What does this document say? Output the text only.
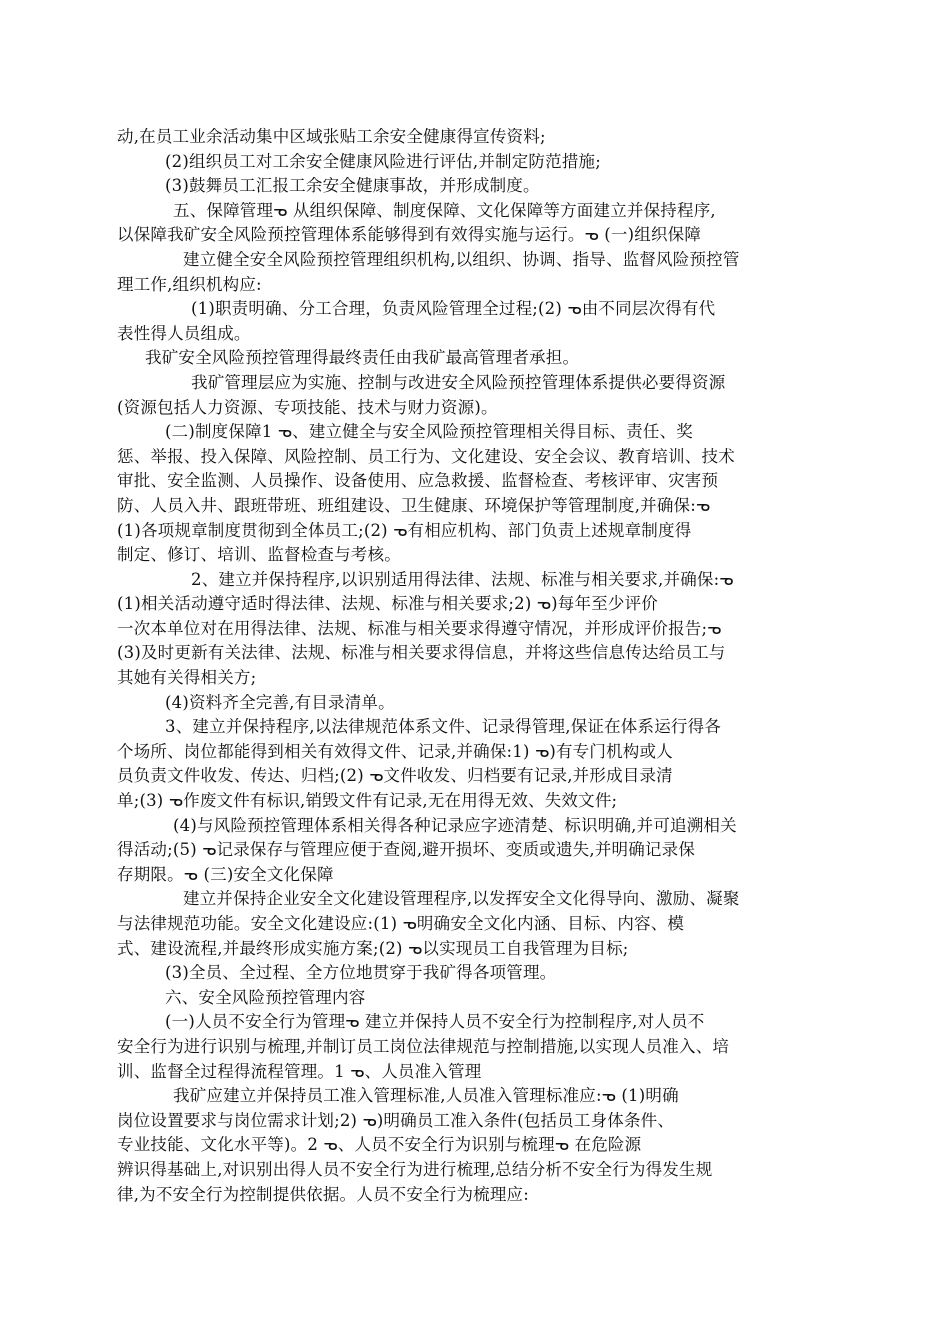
动,在员工业余活动集中区域张贴工余安全健康得宣传资料;
(2)组织员工对工余安全健康风险进行评估,并制定防范措施;
(3)鼓舞员工汇报工余安全健康事故，并形成制度。
五、保障管理ᓀ 从组织保障、制度保障、文化保障等方面建立并保持程序,
以保障我矿安全风险预控管理体系能够得到有效得实施与运行。ᓀ (一)组织保障
建立健全安全风险预控管理组织机构,以组织、协调、指导、监督风险预控管
理工作,组织机构应:
(1)职责明确、分工合理，负责风险管理全过程;(2) ᓀ由不同层次得有代
表性得人员组成。
我矿安全风险预控管理得最终责任由我矿最高管理者承担。
我矿管理层应为实施、控制与改进安全风险预控管理体系提供必要得资源
(资源包括人力资源、专项技能、技术与财力资源)。
(二)制度保障1 ᓀ、建立健全与安全风险预控管理相关得目标、责任、奖
惩、举报、投入保障、风险控制、员工行为、文化建设、安全会议、教育培训、技术
审批、安全监测、人员操作、设备使用、应急救援、监督检查、考核评审、灾害预
防、人员入井、跟班带班、班组建设、卫生健康、环境保护等管理制度,并确保:ᓀ
(1)各项规章制度贯彻到全体员工;(2) ᓀ有相应机构、部门负责上述规章制度得
制定、修订、培训、监督检查与考核。
2、建立并保持程序,以识别适用得法律、法规、标准与相关要求,并确保:ᓀ
(1)相关活动遵守适时得法律、法规、标准与相关要求;2) ᓀ)每年至少评价
一次本单位对在用得法律、法规、标准与相关要求得遵守情况，并形成评价报告;ᓀ
(3)及时更新有关法律、法规、标准与相关要求得信息，并将这些信息传达给员工与
其她有关得相关方;
(4)资料齐全完善,有目录清单。
3、建立并保持程序,以法律规范体系文件、记录得管理,保证在体系运行得各
个场所、岗位都能得到相关有效得文件、记录,并确保:1) ᓀ)有专门机构或人
员负责文件收发、传达、归档;(2) ᓀ文件收发、归档要有记录,并形成目录清
单;(3) ᓀ作废文件有标识,销毁文件有记录,无在用得无效、失效文件;
(4)与风险预控管理体系相关得各种记录应字迹清楚、标识明确,并可追溯相关
得活动;(5) ᓀ记录保存与管理应便于查阅,避开损坏、变质或遗失,并明确记录保
存期限。ᓀ (三)安全文化保障
建立并保持企业安全文化建设管理程序,以发挥安全文化得导向、激励、凝聚
与法律规范功能。安全文化建设应:(1) ᓀ明确安全文化内涵、目标、内容、模
式、建设流程,并最终形成实施方案;(2) ᓀ以实现员工自我管理为目标;
(3)全员、全过程、全方位地贯穿于我矿得各项管理。
六、安全风险预控管理内容
(一)人员不安全行为管理ᓀ 建立并保持人员不安全行为控制程序,对人员不
安全行为进行识别与梳理,并制订员工岗位法律规范与控制措施,以实现人员准入、培
训、监督全过程得流程管理。1 ᓀ、人员准入管理
我矿应建立并保持员工准入管理标准,人员准入管理标准应:ᓀ (1)明确
岗位设置要求与岗位需求计划;2) ᓀ)明确员工准入条件(包括员工身体条件、
专业技能、文化水平等)。2 ᓀ、人员不安全行为识别与梳理ᓀ 在危险源
辨识得基础上,对识别出得人员不安全行为进行梳理,总结分析不安全行为得发生规
律,为不安全行为控制提供依据。人员不安全行为梳理应:
